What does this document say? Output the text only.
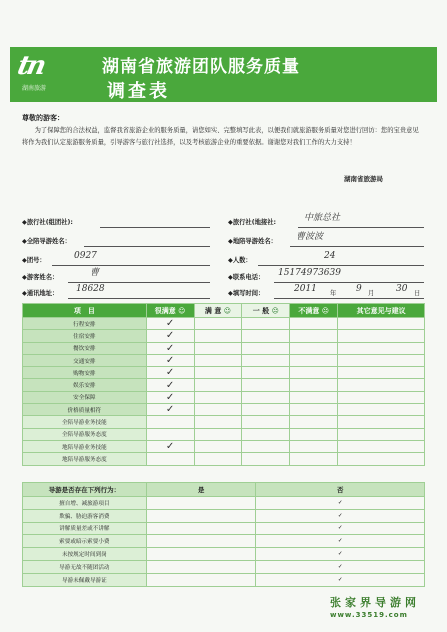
tn
湖南旅游
湖南省旅游团队服务质量
调查表
尊敬的游客：
为了保障您的合法权益，监督我省旅游企业的服务质量，请您如实、完整填写此表，以便我们就旅游服务质量对您进行回访：您的宝贵意见将作为我们认定旅游服务质量，引导游客与旅行社选择，以及考核旅游企业的重要依据。谢谢您对我们工作的大力支持！
湖南省旅游局
◆旅行社(组团社):
◆全陪导游姓名：
◆团号：	0927
◆游客姓名：	曹
◆通讯地址： 18628
◆旅行社(地接社:	中旅总社
◆地陪导游姓名： 曹波波
◆人数：	24
◆联系电话： 15174973639
◆填写时间：	2011 年 9 月 30 日
项　目	很满意 ☺	满 意 ☺	一 般 ☹	不满意 ☹	其它意见与建议
行程安排	✓				
住宿安排	✓				
餐饮安排	✓				
交通安排	✓				
购物安排	✓				
娱乐安排	✓				
安全保障	✓				
价格质量相符	✓				
全陪导游业务技能					
全陪导游服务态度					
地陪导游业务技能	✓				
地陪导游服务态度					
导游是否存在下列行为：	是	否
擅自增、减旅游项目		✓
欺骗、胁迫游客消费		✓
讲解质量差或不讲解		✓
索要或暗示索要小费		✓
未按规定时间到岗		✓
导游无故不随团活动		✓
导游未佩戴导游证		✓
张家界导游网
www.33519.com
